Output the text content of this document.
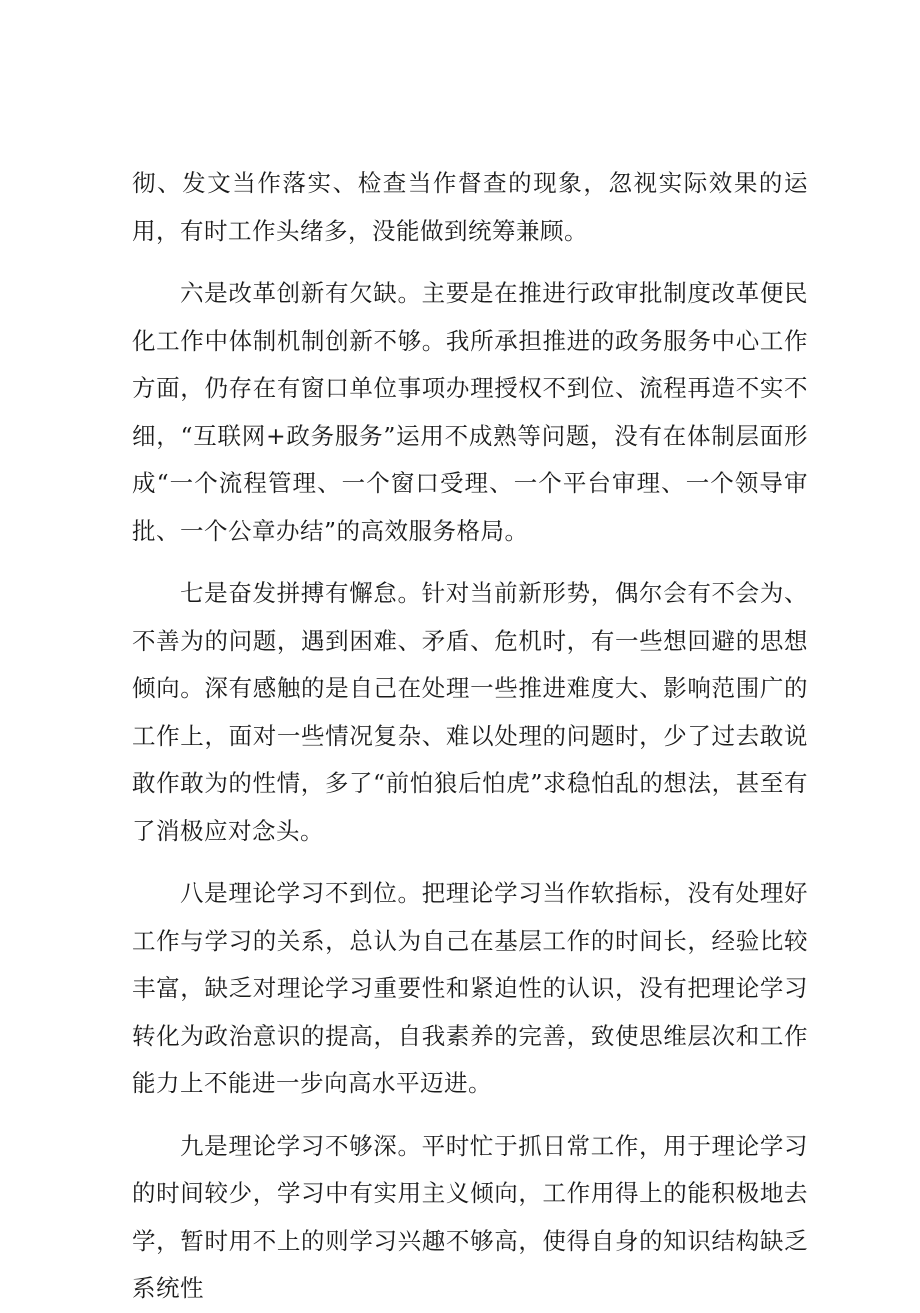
彻、发文当作落实、检查当作督查的现象，忽视实际效果的运用，有时工作头绪多，没能做到统筹兼顾。

六是改革创新有欠缺。主要是在推进行政审批制度改革便民化工作中体制机制创新不够。我所承担推进的政务服务中心工作方面，仍存在有窗口单位事项办理授权不到位、流程再造不实不细，“互联网+政务服务”运用不成熟等问题，没有在体制层面形成“一个流程管理、一个窗口受理、一个平台审理、一个领导审批、一个公章办结”的高效服务格局。

七是奋发拼搏有懈怠。针对当前新形势，偶尔会有不会为、不善为的问题，遇到困难、矛盾、危机时，有一些想回避的思想倾向。深有感触的是自己在处理一些推进难度大、影响范围广的工作上，面对一些情况复杂、难以处理的问题时，少了过去敢说敢作敢为的性情，多了“前怕狼后怕虎”求稳怕乱的想法，甚至有了消极应对念头。

八是理论学习不到位。把理论学习当作软指标，没有处理好工作与学习的关系，总认为自己在基层工作的时间长，经验比较丰富，缺乏对理论学习重要性和紧迫性的认识，没有把理论学习转化为政治意识的提高，自我素养的完善，致使思维层次和工作能力上不能进一步向高水平迈进。

九是理论学习不够深。平时忙于抓日常工作，用于理论学习的时间较少，学习中有实用主义倾向，工作用得上的能积极地去学，暂时用不上的则学习兴趣不够高，使得自身的知识结构缺乏系统性
